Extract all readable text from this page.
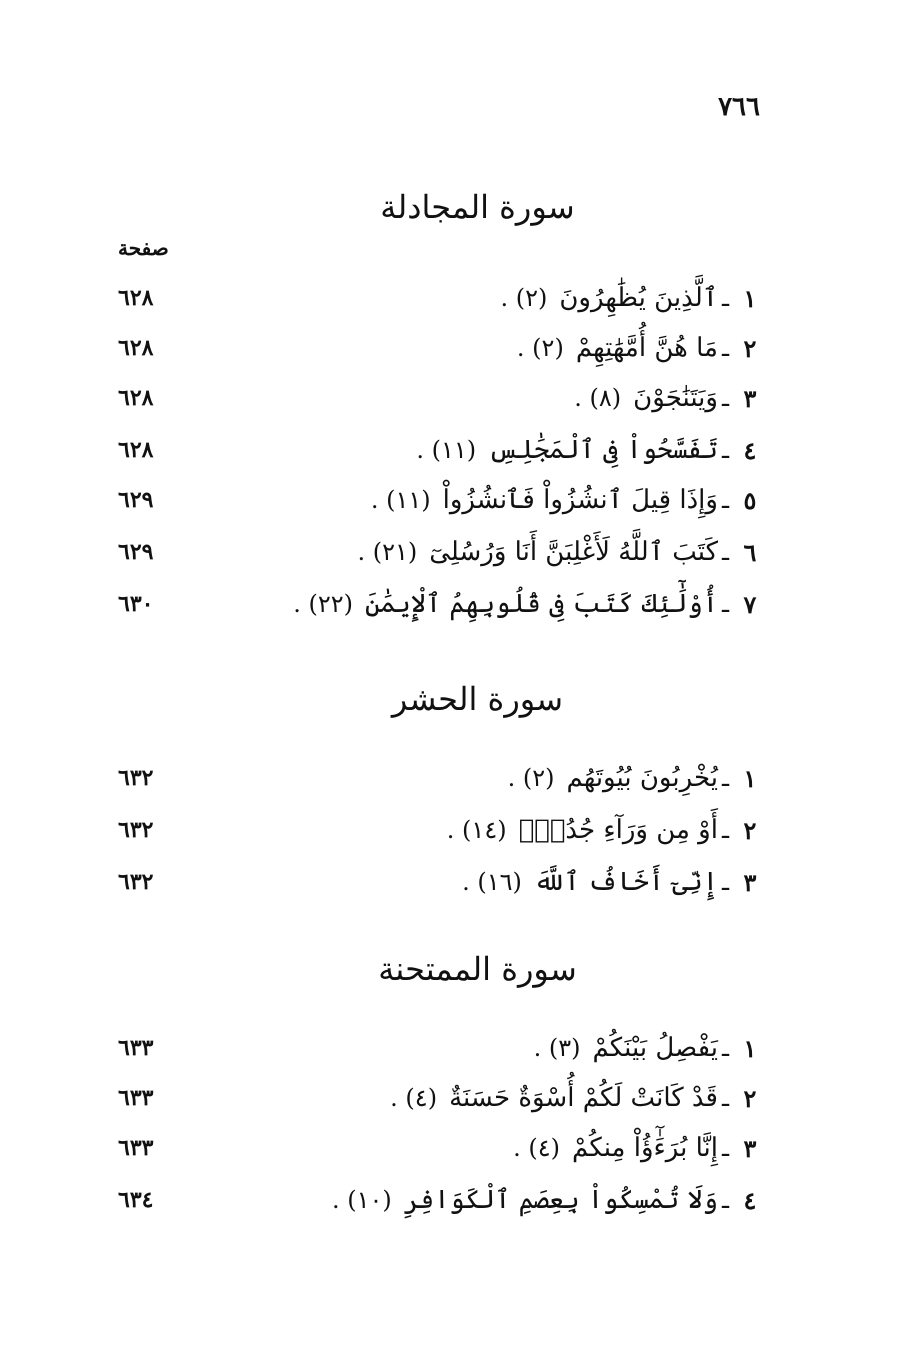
٧٦٦
سورة المجادلة
صفحة
١
ـ
ٱلَّذِينَ يُظَٰهِرُونَ
(٢) .
٦٢٨
٢
ـ
مَا هُنَّ أُمَّهَٰتِهِمْ
(٢) .
٦٢٨
٣
ـ
وَيَتَنَٰجَوْنَ
(٨) .
٦٢٨
٤
ـ
تَفَسَّحُواْ فِى ٱلْمَجَٰلِسِ
(١١) .
٦٢٨
٥
ـ
وَإِذَا قِيلَ ٱنشُزُواْ فَٱنشُزُواْ
(١١) .
٦٢٩
٦
ـ
كَتَبَ ٱللَّهُ لَأَغْلِبَنَّ أَنَا وَرُسُلِىٓ
(٢١) .
٦٢٩
٧
ـ
أُوْلَٰٓئِكَ كَتَبَ فِى قُلُوبِهِمُ ٱلْإِيمَٰنَ
(٢٢) .
٦٣٠
سورة الحشر
١
ـ
يُخْرِبُونَ بُيُوتَهُم
(٢) .
٦٣٢
٢
ـ
أَوْ مِن وَرَآءِ جُدُرٍۭ
(١٤) .
٦٣٢
٣
ـ
إِنِّىٓ أَخَافُ ٱللَّهَ
(١٦) .
٦٣٢
سورة الممتحنة
١
ـ
يَفْصِلُ بَيْنَكُمْ
(٣) .
٦٣٣
٢
ـ
قَدْ كَانَتْ لَكُمْ أُسْوَةٌ حَسَنَةٌ
(٤) .
٦٣٣
٣
ـ
إِنَّا بُرَءَٰٓؤُاْ مِنكُمْ
(٤) .
٦٣٣
٤
ـ
وَلَا تُمْسِكُواْ بِعِصَمِ ٱلْكَوَافِرِ
(١٠) .
٦٣٤
